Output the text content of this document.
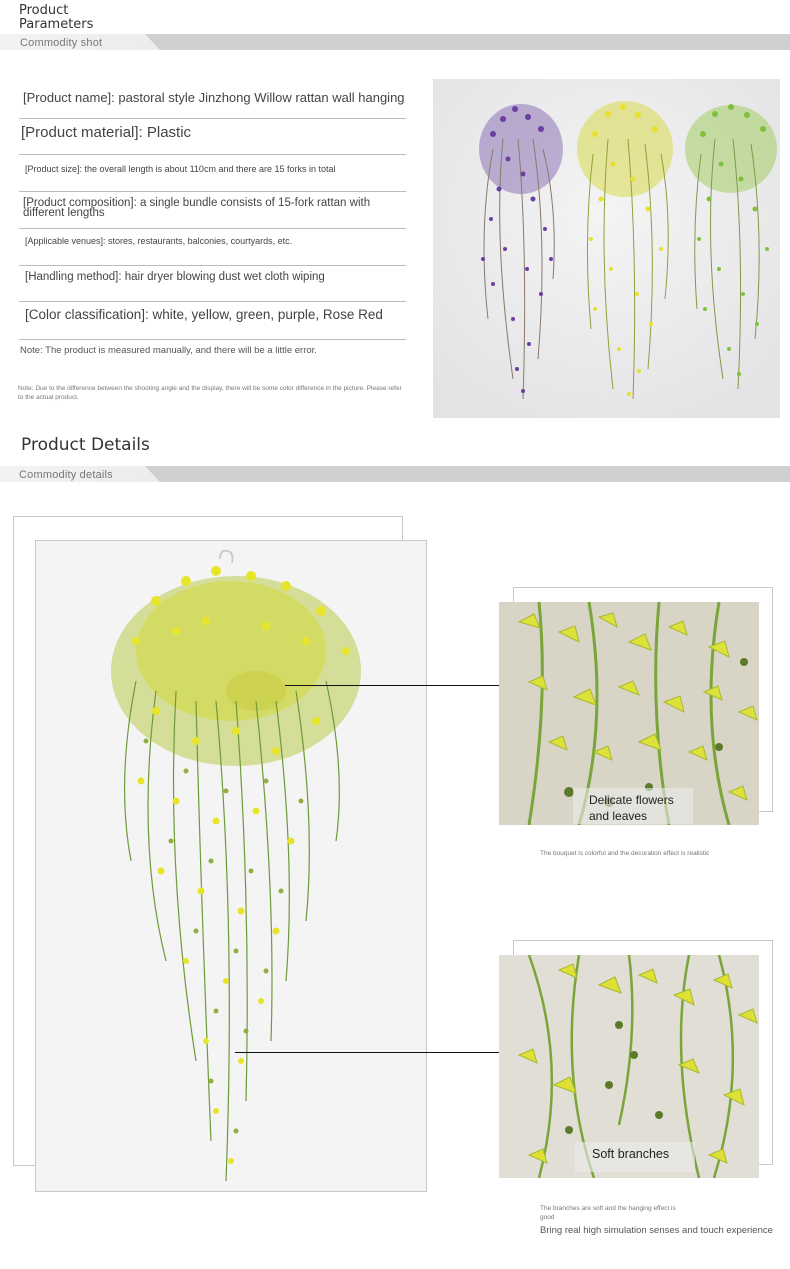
Product
Parameters
Commodity shot
[Product name]: pastoral style Jinzhong Willow rattan wall hanging
[Product material]: Plastic
[Product size]: the overall length is about 110cm and there are 15 forks in total
[Product composition]: a single bundle consists of 15-fork rattan with different lengths
[Applicable venues]: stores, restaurants, balconies, courtyards, etc.
[Handling method]: hair dryer blowing dust wet cloth wiping
[Color classification]: white, yellow, green, purple, Rose Red
Note: The product is measured manually, and there will be a little error.
Note: Due to the difference between the shooting angle and the display, there will be some color difference in the picture. Please refer to the actual product.
Product Details
Commodity details
Delicate flowers
and leaves
The bouquet is colorful and the decoration effect is realistic
Soft branches
The branches are soft and the hanging effect is
good
Bring real high simulation senses and touch experience
